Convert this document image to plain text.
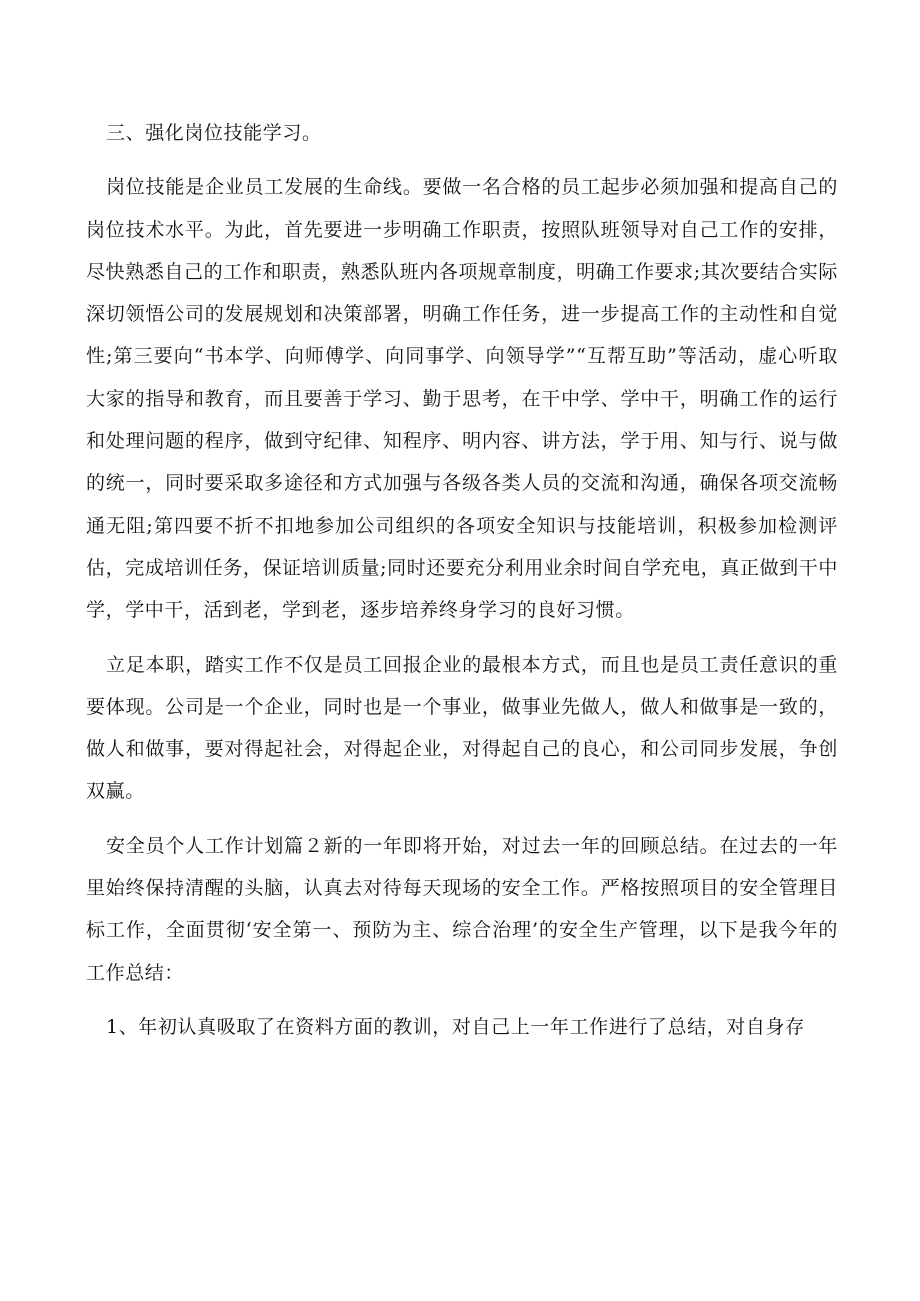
三、强化岗位技能学习。

岗位技能是企业员工发展的生命线。要做一名合格的员工起步必须加强和提高自己的岗位技术水平。为此，首先要进一步明确工作职责，按照队班领导对自己工作的安排，尽快熟悉自己的工作和职责，熟悉队班内各项规章制度，明确工作要求;其次要结合实际深切领悟公司的发展规划和决策部署，明确工作任务，进一步提高工作的主动性和自觉性;第三要向“书本学、向师傅学、向同事学、向领导学”“互帮互助”等活动，虚心听取大家的指导和教育，而且要善于学习、勤于思考，在干中学、学中干，明确工作的运行和处理问题的程序，做到守纪律、知程序、明内容、讲方法，学于用、知与行、说与做的统一，同时要采取多途径和方式加强与各级各类人员的交流和沟通，确保各项交流畅通无阻;第四要不折不扣地参加公司组织的各项安全知识与技能培训，积极参加检测评估，完成培训任务，保证培训质量;同时还要充分利用业余时间自学充电，真正做到干中学，学中干，活到老，学到老，逐步培养终身学习的良好习惯。

立足本职，踏实工作不仅是员工回报企业的最根本方式，而且也是员工责任意识的重要体现。公司是一个企业，同时也是一个事业，做事业先做人，做人和做事是一致的，做人和做事，要对得起社会，对得起企业，对得起自己的良心，和公司同步发展，争创双赢。

安全员个人工作计划篇２新的一年即将开始，对过去一年的回顾总结。在过去的一年里始终保持清醒的头脑，认真去对待每天现场的安全工作。严格按照项目的安全管理目标工作，全面贯彻‘安全第一、预防为主、综合治理’的安全生产管理，以下是我今年的工作总结：

1、年初认真吸取了在资料方面的教训，对自己上一年工作进行了总结，对自身存
